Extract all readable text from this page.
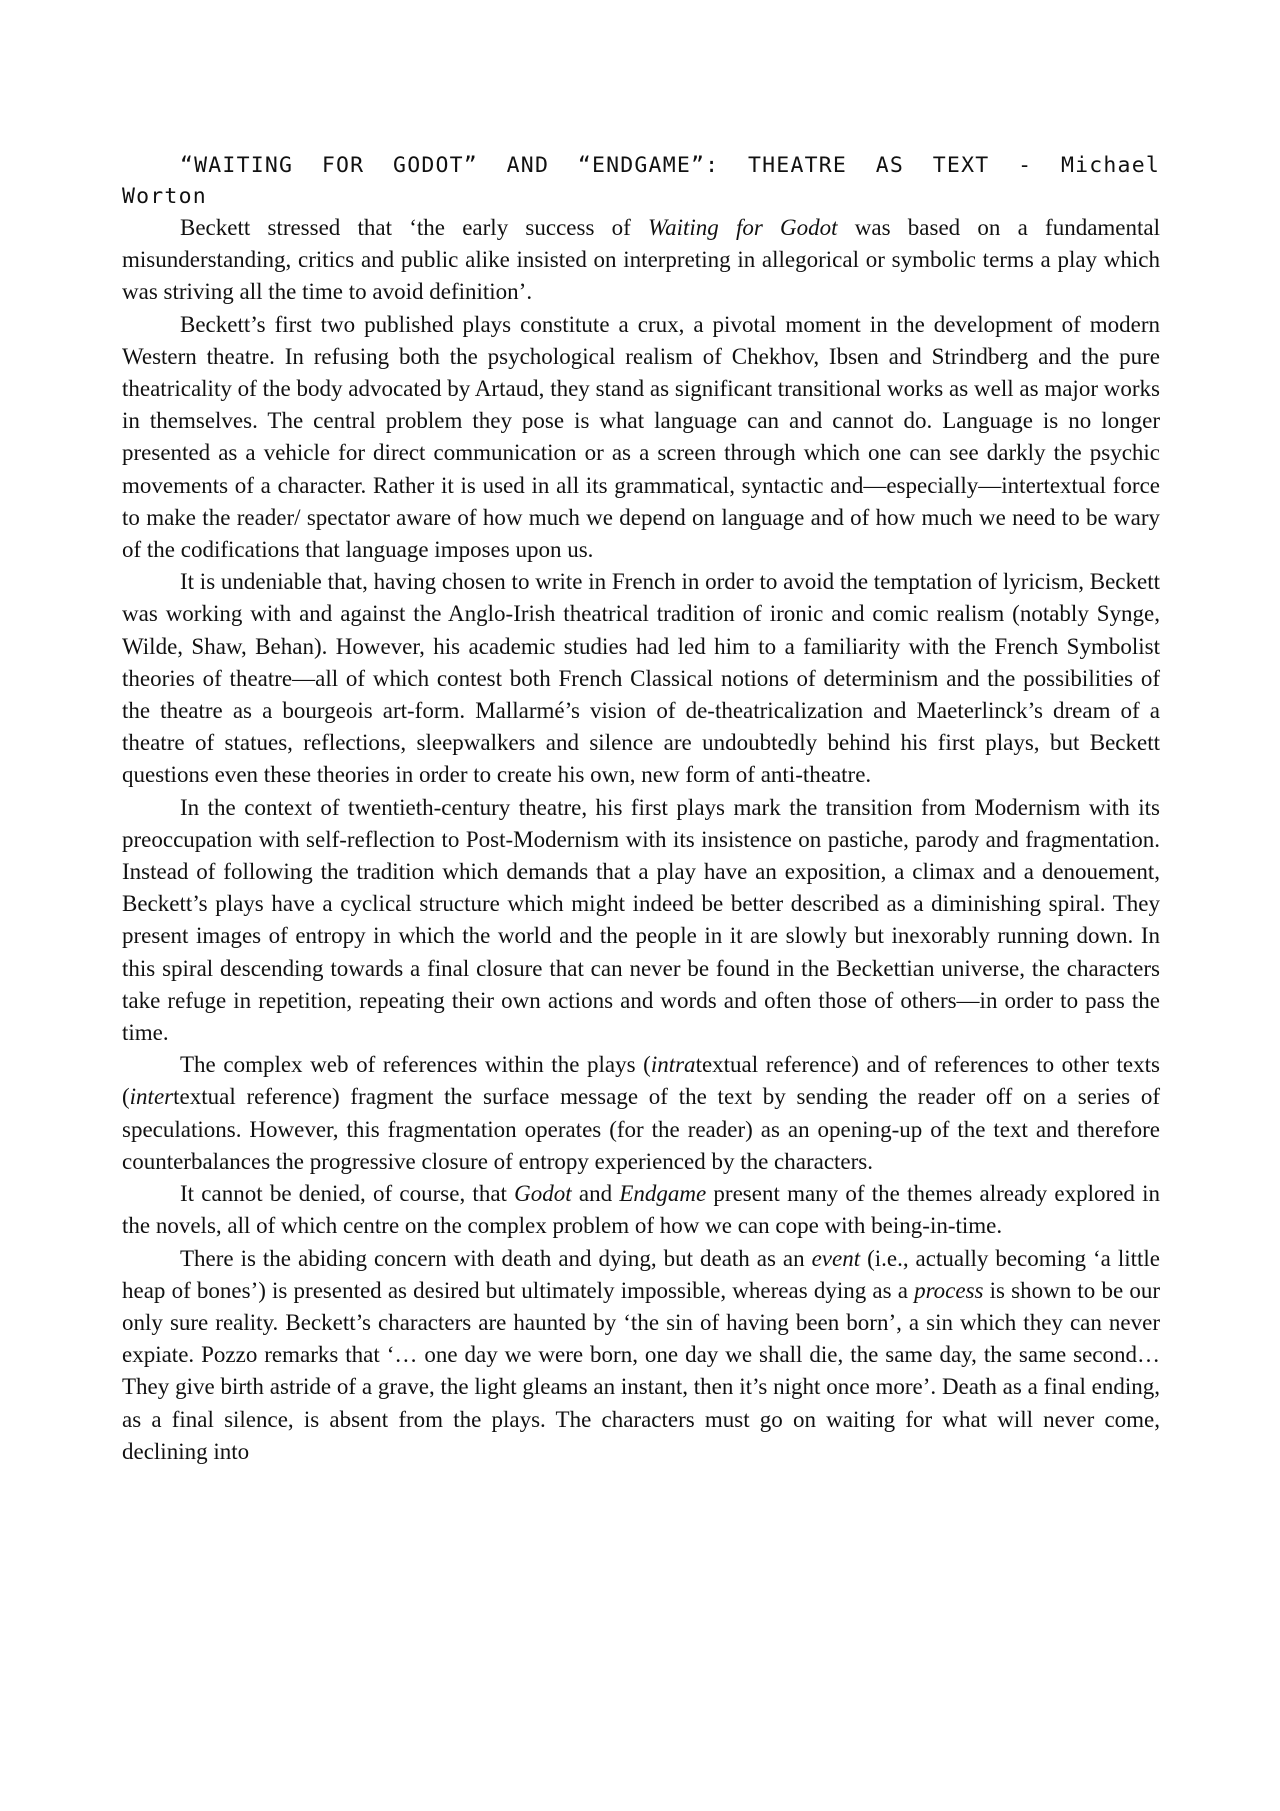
“WAITING FOR GODOT” AND “ENDGAME”: THEATRE AS TEXT - Michael Worton

Beckett stressed that ‘the early success of Waiting for Godot was based on a fundamental misunderstanding, critics and public alike insisted on interpreting in allegorical or symbolic terms a play which was striving all the time to avoid definition’.

Beckett’s first two published plays constitute a crux, a pivotal moment in the development of modern Western theatre. In refusing both the psychological realism of Chekhov, Ibsen and Strindberg and the pure theatricality of the body advocated by Artaud, they stand as significant transitional works as well as major works in themselves. The central problem they pose is what language can and cannot do. Language is no longer presented as a vehicle for direct communication or as a screen through which one can see darkly the psychic movements of a character. Rather it is used in all its grammatical, syntactic and—especially—intertextual force to make the reader/ spectator aware of how much we depend on language and of how much we need to be wary of the codifications that language imposes upon us.

It is undeniable that, having chosen to write in French in order to avoid the temptation of lyricism, Beckett was working with and against the Anglo-Irish theatrical tradition of ironic and comic realism (notably Synge, Wilde, Shaw, Behan). However, his academic studies had led him to a familiarity with the French Symbolist theories of theatre—all of which contest both French Classical notions of determinism and the possibilities of the theatre as a bourgeois art-form. Mallarmé’s vision of de-theatricalization and Maeterlinck’s dream of a theatre of statues, reflections, sleepwalkers and silence are undoubtedly behind his first plays, but Beckett questions even these theories in order to create his own, new form of anti-theatre.

In the context of twentieth-century theatre, his first plays mark the transition from Modernism with its preoccupation with self-reflection to Post-Modernism with its insistence on pastiche, parody and fragmentation. Instead of following the tradition which demands that a play have an exposition, a climax and a denouement, Beckett’s plays have a cyclical structure which might indeed be better described as a diminishing spiral. They present images of entropy in which the world and the people in it are slowly but inexorably running down. In this spiral descending towards a final closure that can never be found in the Beckettian universe, the characters take refuge in repetition, repeating their own actions and words and often those of others—in order to pass the time.

The complex web of references within the plays (intratextual reference) and of references to other texts (intertextual reference) fragment the surface message of the text by sending the reader off on a series of speculations. However, this fragmentation operates (for the reader) as an opening-up of the text and therefore counterbalances the progressive closure of entropy experienced by the characters.

It cannot be denied, of course, that Godot and Endgame present many of the themes already explored in the novels, all of which centre on the complex problem of how we can cope with being-in-time.

There is the abiding concern with death and dying, but death as an event (i.e., actually becoming ‘a little heap of bones’) is presented as desired but ultimately impossible, whereas dying as a process is shown to be our only sure reality. Beckett’s characters are haunted by ‘the sin of having been born’, a sin which they can never expiate. Pozzo remarks that ‘… one day we were born, one day we shall die, the same day, the same second…They give birth astride of a grave, the light gleams an instant, then it’s night once more’. Death as a final ending, as a final silence, is absent from the plays. The characters must go on waiting for what will never come, declining into
